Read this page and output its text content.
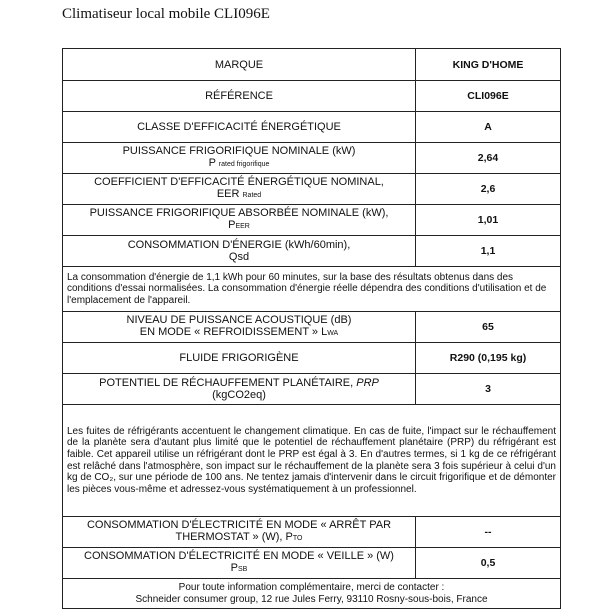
Climatiseur local mobile CLI096E
MARQUE	KING D'HOME
RÉFÉRENCE	CLI096E
CLASSE D'EFFICACITÉ ÉNERGÉTIQUE	A

PUISSANCE FRIGORIFIQUE NOMINALE (kW)
P rated frigorifique	2,64

COEFFICIENT D'EFFICACITÉ ÉNERGÉTIQUE NOMINAL,
EER Rated	2,6

PUISSANCE FRIGORIFIQUE ABSORBÉE NOMINALE (kW),
PEER	1,01

CONSOMMATION D'ÉNERGIE (kWh/60min),
Qsd	1,1
La consommation d'énergie de 1,1 kWh pour 60 minutes, sur la base des résultats obtenus dans des conditions d'essai normalisées. La consommation d'énergie réelle dépendra des conditions d'utilisation et de l'emplacement de l'appareil.	

NIVEAU DE PUISSANCE ACOUSTIQUE (dB)
EN MODE « REFROIDISSEMENT » LWA	65
FLUIDE FRIGORIGÈNE	R290 (0,195 kg)

POTENTIEL DE RÉCHAUFFEMENT PLANÉTAIRE, PRP
(kgCO2eq)	3
Les fuites de réfrigérants accentuent le changement climatique. En cas de fuite, l'impact sur le réchauffement de la planète sera d'autant plus limité que le potentiel de réchauffement planétaire (PRP) du réfrigérant est faible. Cet appareil utilise un réfrigérant dont le PRP est égal à 3. En d'autres termes, si 1 kg de ce réfrigérant est relâché dans l'atmosphère, son impact sur le réchauffement de la planète sera 3 fois supérieur à celui d'un kg de CO₂, sur une période de 100 ans. Ne tentez jamais d'intervenir dans le circuit frigorifique et de démonter les pièces vous-même et adressez-vous systématiquement à un professionnel.	

CONSOMMATION D'ÉLECTRICITÉ EN MODE « ARRÊT PAR
THERMOSTAT » (W), PTO	--

CONSOMMATION D'ÉLECTRICITÉ EN MODE « VEILLE » (W)
PSB	0,5

Pour toute information complémentaire, merci de contacter :
Schneider consumer group, 12 rue Jules Ferry, 93110 Rosny-sous-bois, France	
